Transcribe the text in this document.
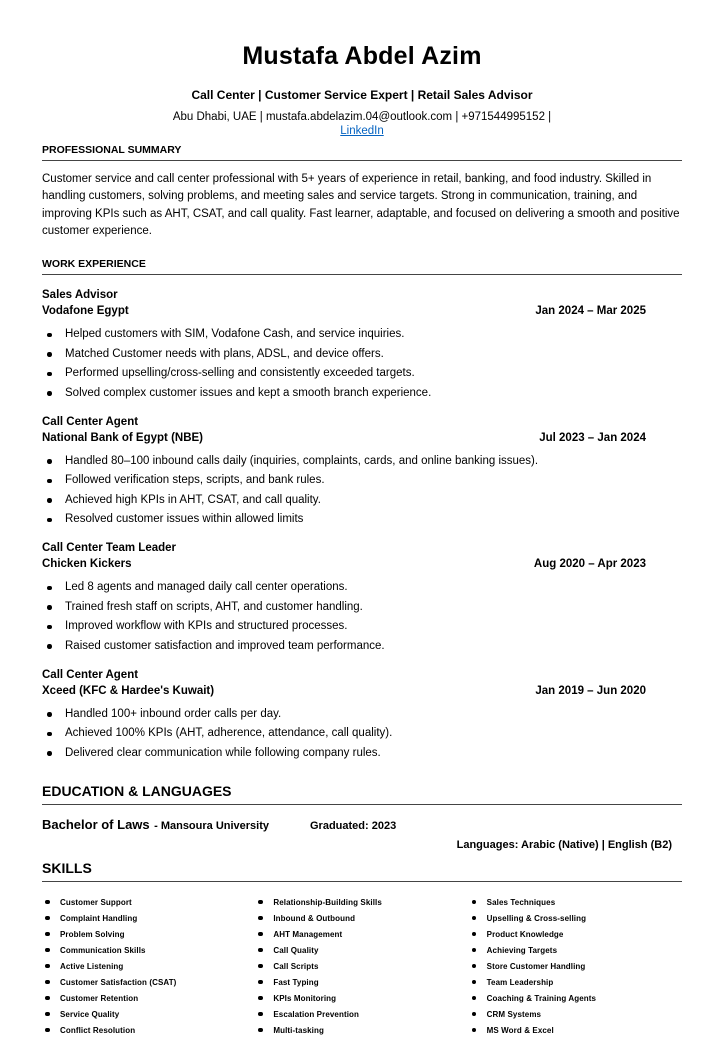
Mustafa Abdel Azim
Call Center | Customer Service Expert | Retail Sales Advisor
Abu Dhabi, UAE | mustafa.abdelazim.04@outlook.com | +971544995152 |
LinkedIn
PROFESSIONAL SUMMARY

Customer service and call center professional with 5+ years of experience in retail, banking, and food industry. Skilled in handling customers, solving problems, and meeting sales and service targets. Strong in communication, training, and improving KPIs such as AHT, CSAT, and call quality. Fast learner, adaptable, and focused on delivering a smooth and positive customer experience.

WORK EXPERIENCE
Sales Advisor
Vodafone Egypt	Jan 2024 – Mar 2025
Helped customers with SIM, Vodafone Cash, and service inquiries.
Matched Customer needs with plans, ADSL, and device offers.
Performed upselling/cross-selling and consistently exceeded targets.
Solved complex customer issues and kept a smooth branch experience.
Call Center Agent
National Bank of Egypt (NBE)	Jul 2023 – Jan 2024
Handled 80–100 inbound calls daily (inquiries, complaints, cards, and online banking issues).
Followed verification steps, scripts, and bank rules.
Achieved high KPIs in AHT, CSAT, and call quality.
Resolved customer issues within allowed limits
Call Center Team Leader
Chicken Kickers	Aug 2020 – Apr 2023
Led 8 agents and managed daily call center operations.
Trained fresh staff on scripts, AHT, and customer handling.
Improved workflow with KPIs and structured processes.
Raised customer satisfaction and improved team performance.
Call Center Agent
Xceed (KFC & Hardee's Kuwait)	Jan 2019 – Jun 2020
Handled 100+ inbound order calls per day.
Achieved 100% KPIs (AHT, adherence, attendance, call quality).
Delivered clear communication while following company rules.
EDUCATION & LANGUAGES
Bachelor of Laws - Mansoura University	Graduated: 2023
Languages: Arabic (Native) | English (B2)
SKILLS
Customer Support
Complaint Handling
Problem Solving
Communication Skills
Active Listening
Customer Satisfaction (CSAT)
Customer Retention
Service Quality
Conflict Resolution
Relationship-Building Skills
Inbound & Outbound
AHT Management
Call Quality
Call Scripts
Fast Typing
KPIs Monitoring
Escalation Prevention
Multi-tasking
Sales Techniques
Upselling & Cross-selling
Product Knowledge
Achieving Targets
Store Customer Handling
Team Leadership
Coaching & Training Agents
CRM Systems
MS Word & Excel
